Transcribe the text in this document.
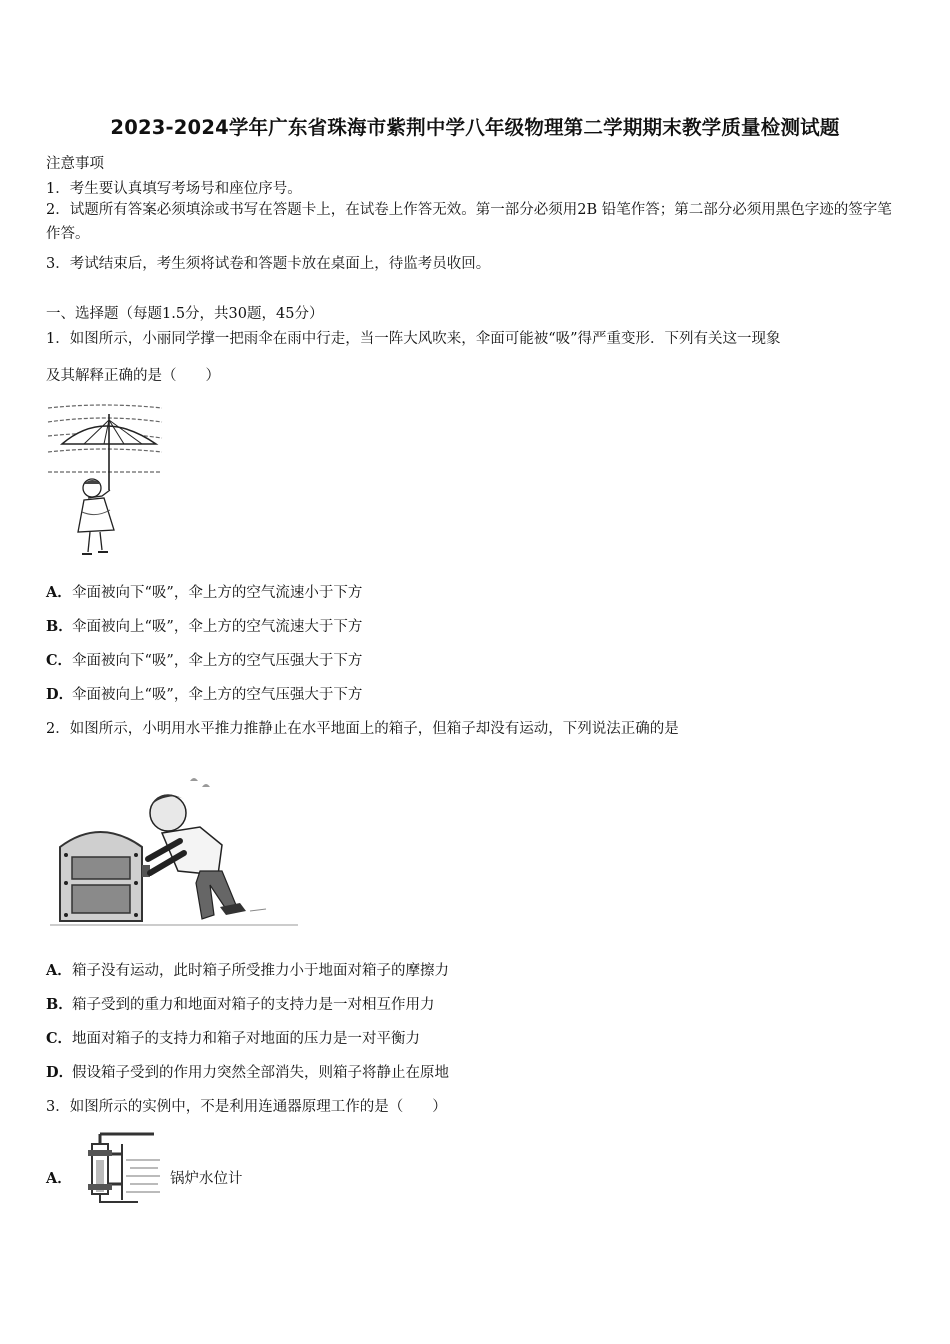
2023-2024学年广东省珠海市紫荆中学八年级物理第二学期期末教学质量检测试题
注意事项
1．考生要认真填写考场号和座位序号。
2．试题所有答案必须填涂或书写在答题卡上，在试卷上作答无效。第一部分必须用2B 铅笔作答；第二部分必须用黑色字迹的签字笔作答。
3．考试结束后，考生须将试卷和答题卡放在桌面上，待监考员收回。
一、选择题（每题1.5分，共30题，45分）
1．如图所示，小丽同学撑一把雨伞在雨中行走，当一阵大风吹来，伞面可能被“吸”得严重变形．下列有关这一现象
及其解释正确的是（　　）
A．伞面被向下“吸”，伞上方的空气流速小于下方
B．伞面被向上“吸”，伞上方的空气流速大于下方
C．伞面被向下“吸”，伞上方的空气压强大于下方
D．伞面被向上“吸”，伞上方的空气压强大于下方
2．如图所示，小明用水平推力推静止在水平地面上的箱子，但箱子却没有运动，下列说法正确的是
A．箱子没有运动，此时箱子所受推力小于地面对箱子的摩擦力
B．箱子受到的重力和地面对箱子的支持力是一对相互作用力
C．地面对箱子的支持力和箱子对地面的压力是一对平衡力
D．假设箱子受到的作用力突然全部消失，则箱子将静止在原地
3．如图所示的实例中，不是利用连通器原理工作的是（　　）
A．	锅炉水位计
